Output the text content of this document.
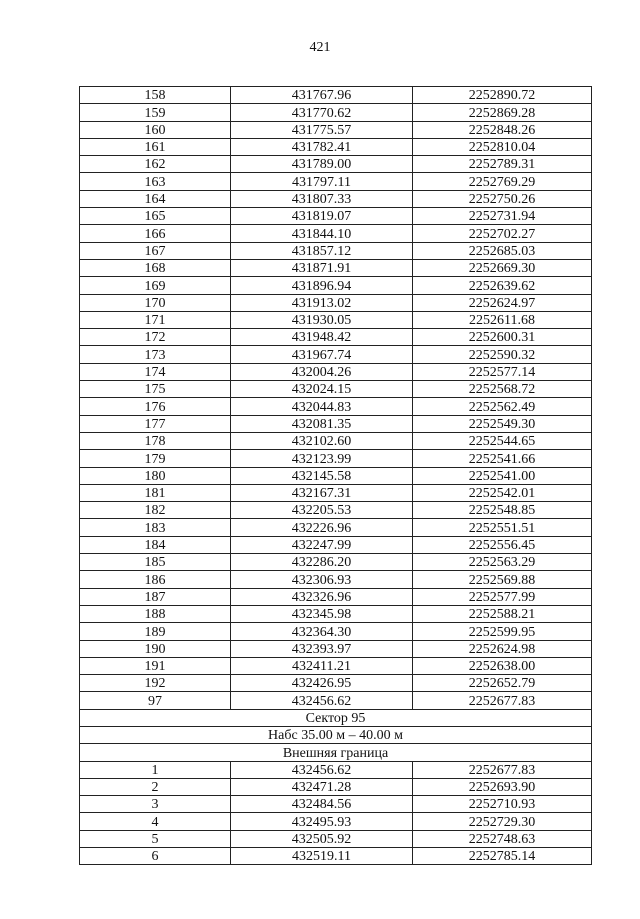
421
158	431767.96	2252890.72
159	431770.62	2252869.28
160	431775.57	2252848.26
161	431782.41	2252810.04
162	431789.00	2252789.31
163	431797.11	2252769.29
164	431807.33	2252750.26
165	431819.07	2252731.94
166	431844.10	2252702.27
167	431857.12	2252685.03
168	431871.91	2252669.30
169	431896.94	2252639.62
170	431913.02	2252624.97
171	431930.05	2252611.68
172	431948.42	2252600.31
173	431967.74	2252590.32
174	432004.26	2252577.14
175	432024.15	2252568.72
176	432044.83	2252562.49
177	432081.35	2252549.30
178	432102.60	2252544.65
179	432123.99	2252541.66
180	432145.58	2252541.00
181	432167.31	2252542.01
182	432205.53	2252548.85
183	432226.96	2252551.51
184	432247.99	2252556.45
185	432286.20	2252563.29
186	432306.93	2252569.88
187	432326.96	2252577.99
188	432345.98	2252588.21
189	432364.30	2252599.95
190	432393.97	2252624.98
191	432411.21	2252638.00
192	432426.95	2252652.79
97	432456.62	2252677.83
Сектор 95		
Набс 35.00 м – 40.00 м		
Внешняя граница		
1	432456.62	2252677.83
2	432471.28	2252693.90
3	432484.56	2252710.93
4	432495.93	2252729.30
5	432505.92	2252748.63
6	432519.11	2252785.14
